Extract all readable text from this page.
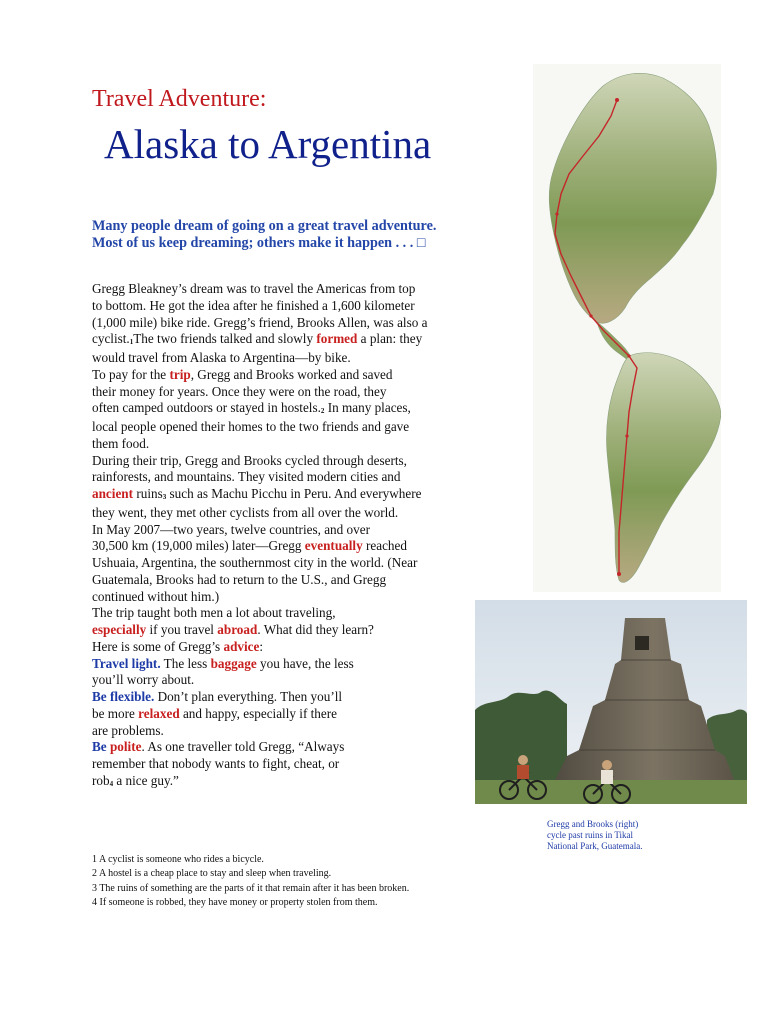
Travel Adventure:
Alaska to Argentina
Many people dream of going on a great travel adventure.
Most of us keep dreaming; others make it happen . . . □
Gregg Bleakney’s dream was to travel the Americas from top
to bottom. He got the idea after he finished a 1,600 kilometer
(1,000 mile) bike ride. Gregg’s friend, Brooks Allen, was also a
cyclist.$^1$The two friends talked and slowly formed a plan: they
would travel from Alaska to Argentina—by bike.
To pay for the trip, Gregg and Brooks worked and saved
their money for years. Once they were on the road, they
often camped outdoors or stayed in hostels.$^2$ In many places,
local people opened their homes to the two friends and gave
them food.
During their trip, Gregg and Brooks cycled through deserts,
rainforests, and mountains. They visited modern cities and
ancient ruins$^3$ such as Machu Picchu in Peru. And everywhere
they went, they met other cyclists from all over the world.
In May 2007—two years, twelve countries, and over
30,500 km (19,000 miles) later—Gregg eventually reached
Ushuaia, Argentina, the southernmost city in the world. (Near
Guatemala, Brooks had to return to the U.S., and Gregg
continued without him.)
The trip taught both men a lot about traveling,
especially if you travel abroad. What did they learn?
Here is some of Gregg’s advice:
Travel light. The less baggage you have, the less
you’ll worry about.
Be flexible. Don’t plan everything. Then you’ll
be more relaxed and happy, especially if there
are problems.
Be polite. As one traveller told Gregg, “Always
remember that nobody wants to fight, cheat, or
rob$^4$ a nice guy.”
Gregg and Brooks (right)
cycle past ruins in Tikal
National Park, Guatemala.
1 A cyclist is someone who rides a bicycle.
2 A hostel is a cheap place to stay and sleep when traveling.
3 The ruins of something are the parts of it that remain after it has been broken.
4 If someone is robbed, they have money or property stolen from them.
